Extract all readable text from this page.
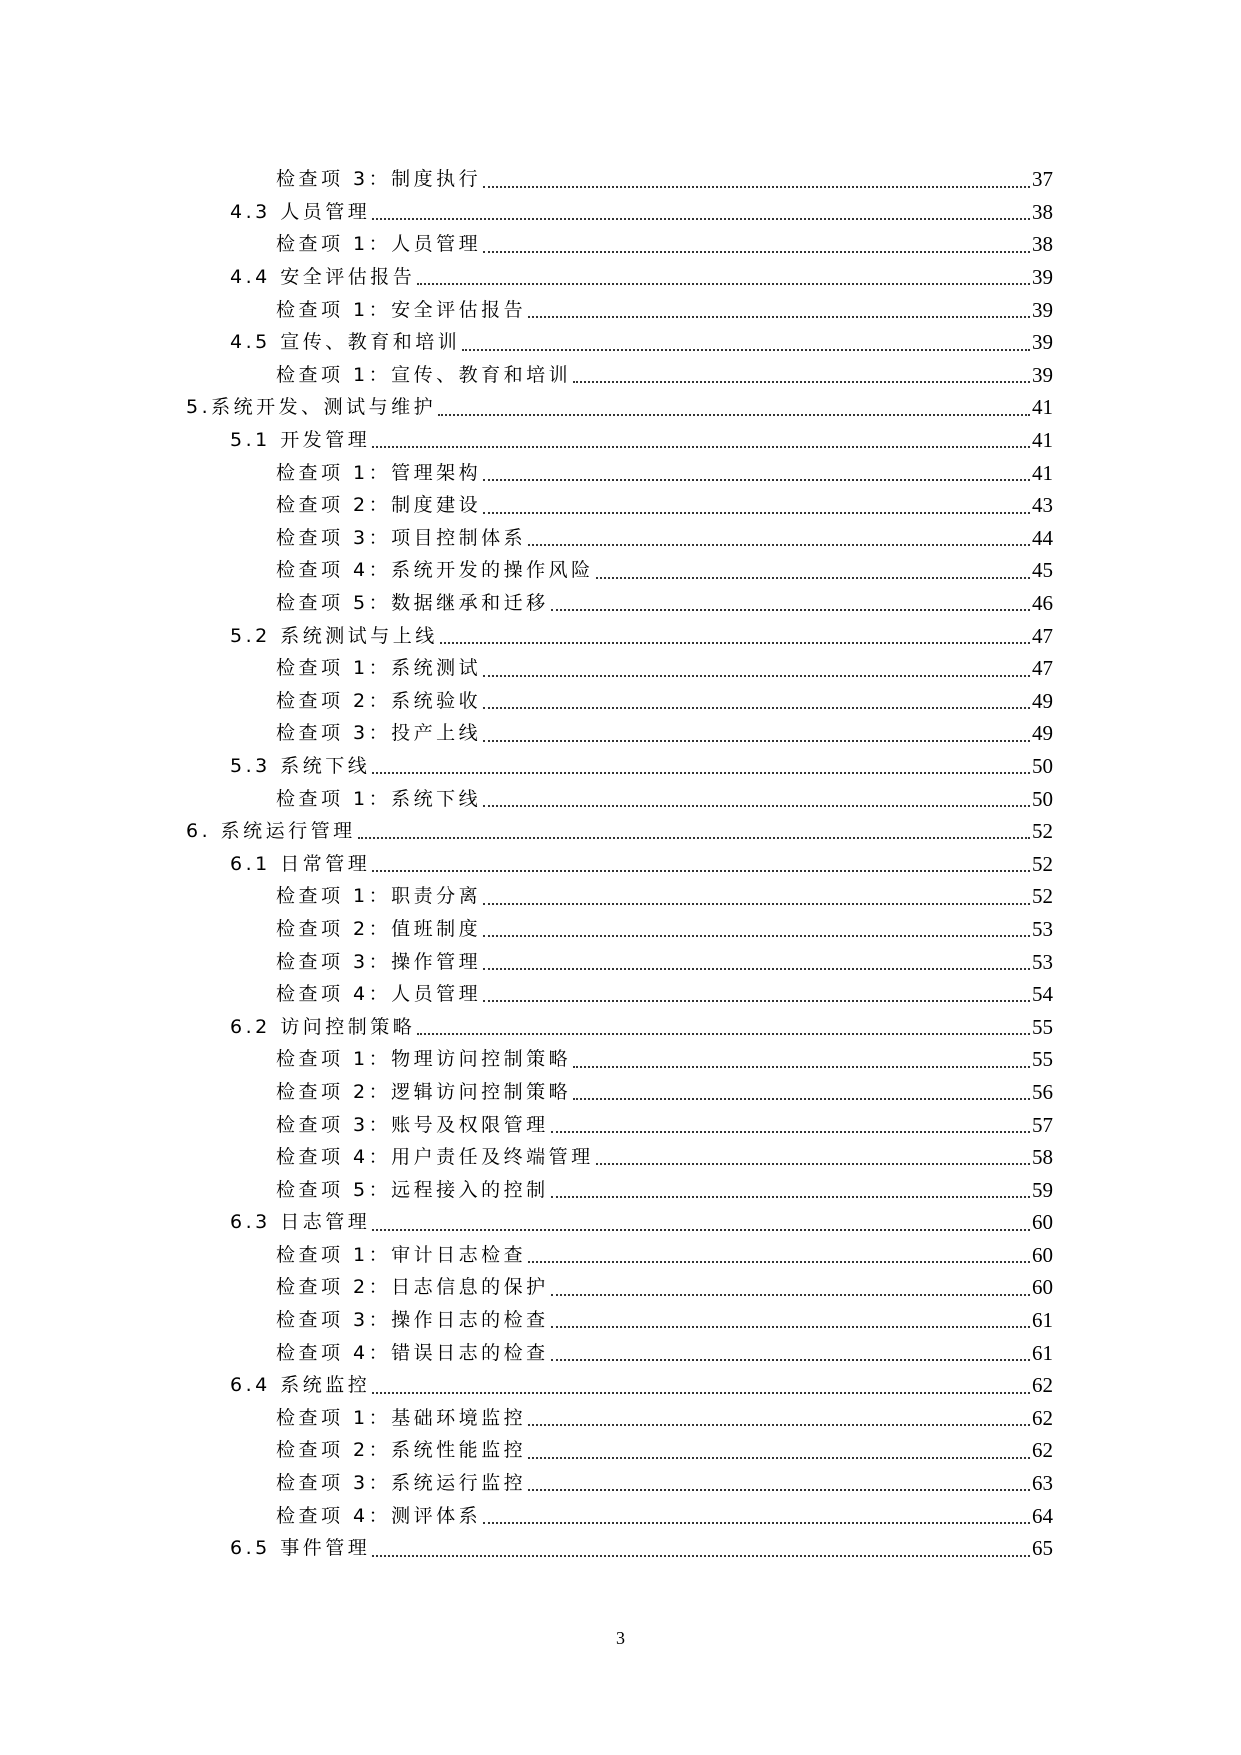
检查项 3：制度执行	37
4.3 人员管理	38
检查项 1：人员管理	38
4.4 安全评估报告	39
检查项 1：安全评估报告	39
4.5 宣传、教育和培训	39
检查项 1：宣传、教育和培训	39
5.系统开发、测试与维护	41
5.1 开发管理	41
检查项 1：管理架构	41
检查项 2：制度建设	43
检查项 3：项目控制体系	44
检查项 4：系统开发的操作风险	45
检查项 5：数据继承和迁移	46
5.2 系统测试与上线	47
检查项 1：系统测试	47
检查项 2：系统验收	49
检查项 3：投产上线	49
5.3 系统下线	50
检查项 1：系统下线	50
6. 系统运行管理	52
6.1 日常管理	52
检查项 1：职责分离	52
检查项 2：值班制度	53
检查项 3：操作管理	53
检查项 4：人员管理	54
6.2 访问控制策略	55
检查项 1：物理访问控制策略	55
检查项 2：逻辑访问控制策略	56
检查项 3：账号及权限管理	57
检查项 4：用户责任及终端管理	58
检查项 5：远程接入的控制	59
6.3 日志管理	60
检查项 1：审计日志检查	60
检查项 2：日志信息的保护	60
检查项 3：操作日志的检查	61
检查项 4：错误日志的检查	61
6.4 系统监控	62
检查项 1：基础环境监控	62
检查项 2：系统性能监控	62
检查项 3：系统运行监控	63
检查项 4：测评体系	64
6.5 事件管理	65
3
